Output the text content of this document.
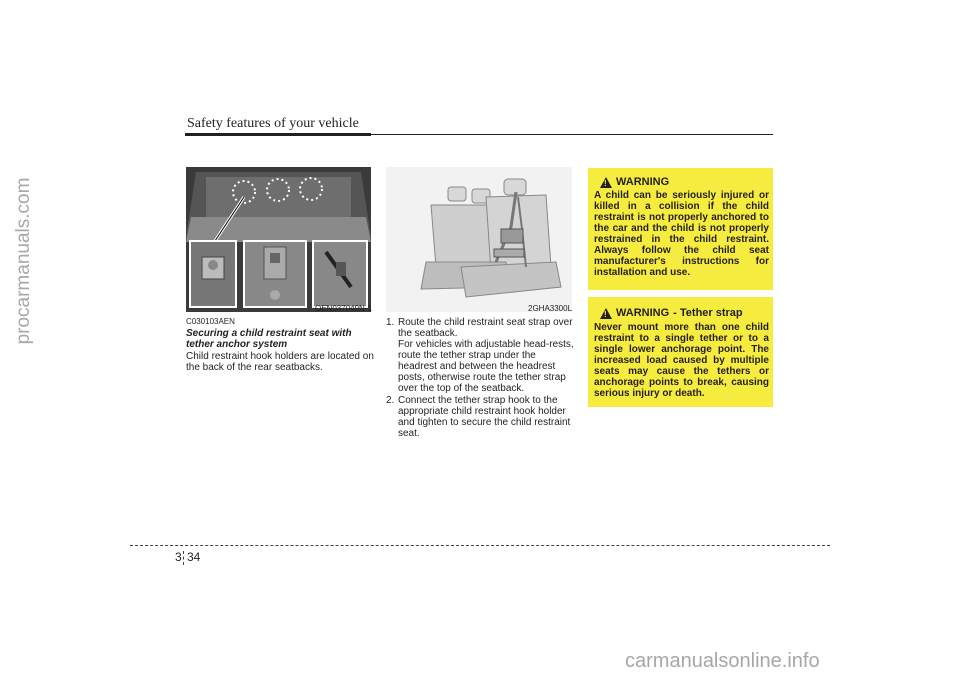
procarmanuals.com
carmanualsonline.info
Safety features of your vehicle
OEN037049N-1	2GHA3300L
C030103AEN
Securing a child restraint seat with tether anchor system
Child restraint hook holders are located on the back of the rear seatbacks.
1. Route the child restraint seat strap over the seatback.

For vehicles with adjustable head-rests, route the tether strap under the headrest and between the headrest posts, otherwise route the tether strap over the top of the seatback.

2. Connect the tether strap hook to the appropriate child restraint hook holder and tighten to secure the child restraint seat.
!
WARNING
A child can be seriously injured or killed in a collision if the child restraint is not properly anchored to the car and the child is not properly restrained in the child restraint. Always follow the child seat manufacturer's instructions for installation and use.
!
WARNING - Tether strap
Never mount more than one child restraint to a single tether or to a single lower anchorage point. The increased load caused by multiple seats may cause the tethers or anchorage points to break, causing serious injury or death.
3 34
